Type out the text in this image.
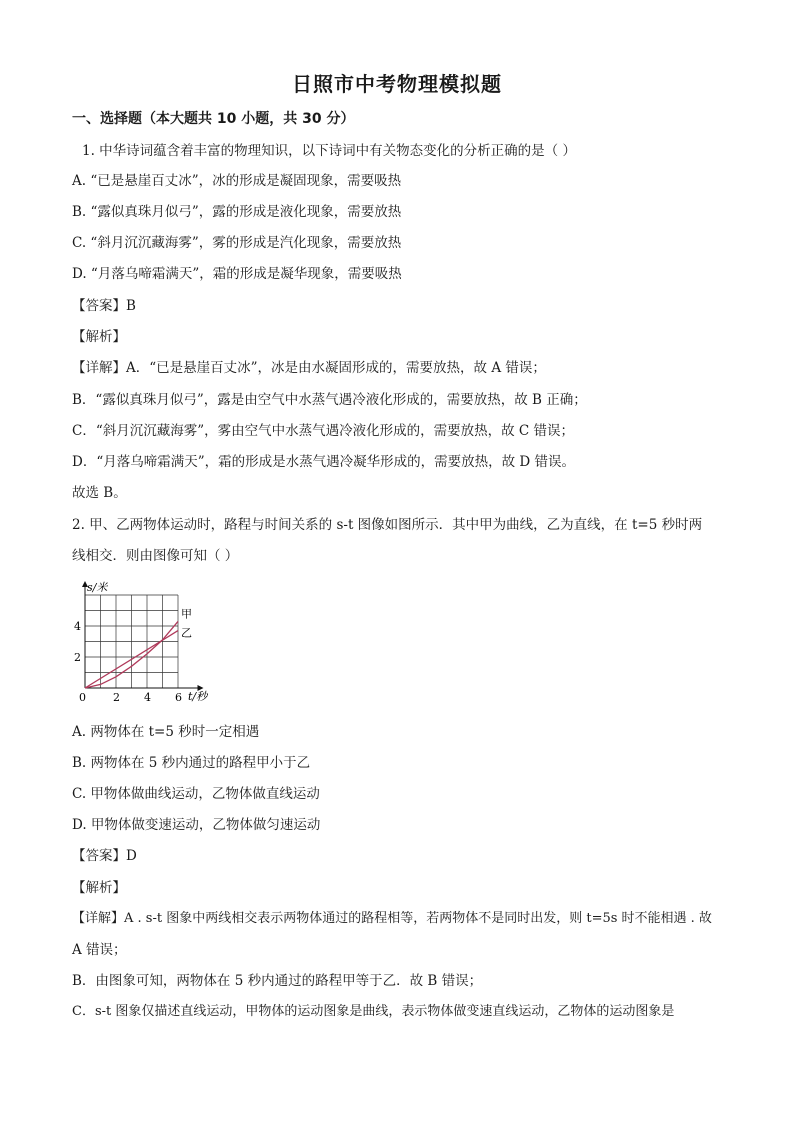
日照市中考物理模拟题
一、选择题（本大题共 10 小题，共 30 分）
1. 中华诗词蕴含着丰富的物理知识，以下诗词中有关物态变化的分析正确的是（ ）
A. “已是悬崖百丈冰”，冰的形成是凝固现象，需要吸热
B. “露似真珠月似弓”，露的形成是液化现象，需要放热
C. “斜月沉沉藏海雾”，雾的形成是汽化现象，需要放热
D. “月落乌啼霜满天”，霜的形成是凝华现象，需要吸热
【答案】B
【解析】
【详解】A．“已是悬崖百丈冰”，冰是由水凝固形成的，需要放热，故 A 错误；
B．“露似真珠月似弓”，露是由空气中水蒸气遇冷液化形成的，需要放热，故 B 正确；
C．“斜月沉沉藏海雾”，雾由空气中水蒸气遇冷液化形成的，需要放热，故 C 错误；
D．“月落乌啼霜满天”，霜的形成是水蒸气遇冷凝华形成的，需要放热，故 D 错误。
故选 B。
2. 甲、乙两物体运动时，路程与时间关系的 s-t 图像如图所示．其中甲为曲线，乙为直线，在 t=5 秒时两
线相交．则由图像可知（ ）
0 2 4 6
2
4
s/米
t/秒
甲
乙
A. 两物体在 t=5 秒时一定相遇
B. 两物体在 5 秒内通过的路程甲小于乙
C. 甲物体做曲线运动，乙物体做直线运动
D. 甲物体做变速运动，乙物体做匀速运动
【答案】D
【解析】
【详解】A . s-t 图象中两线相交表示两物体通过的路程相等，若两物体不是同时出发，则 t=5s 时不能相遇 . 故
A 错误；
B．由图象可知，两物体在 5 秒内通过的路程甲等于乙．故 B 错误；
C．s-t 图象仅描述直线运动，甲物体的运动图象是曲线，表示物体做变速直线运动，乙物体的运动图象是
